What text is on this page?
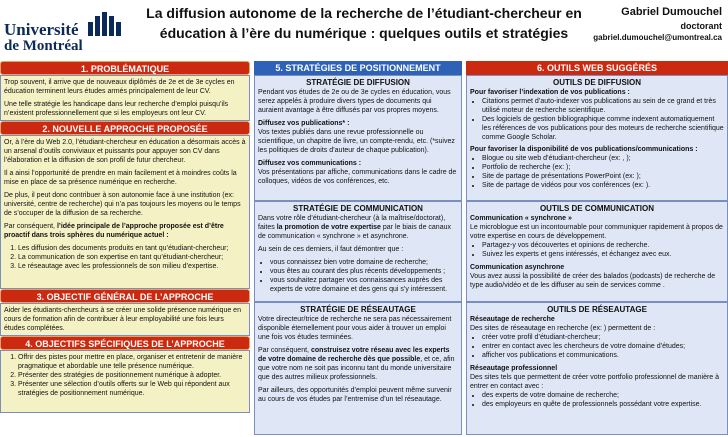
Université
de Montréal
La diffusion autonome de la recherche de l’étudiant-chercheur en
éducation à l’ère du numérique : quelques outils et stratégies
Gabriel Dumouchel
doctorant
gabriel.dumouchel@umontreal.ca
1. PROBLÉMATIQUE

Trop souvent, il arrive que de nouveaux diplômés de 2e et de 3e cycles en éducation terminent leurs études armés principalement de leur CV.

Une telle stratégie les handicape dans leur recherche d’emploi puisqu’ils n’existent professionnellement que si les employeurs ont leur CV.

2. NOUVELLE APPROCHE PROPOSÉE

Or, à l’ère du Web 2.0, l’étudiant-chercheur en éducation a désormais accès à un arsenal d’outils conviviaux et puissants pour appuyer son CV dans l’élaboration et la diffusion de son profil de futur chercheur.

Il a ainsi l’opportunité de prendre en main facilement et à moindres coûts la mise en place de sa présence numérique en recherche.

De plus, il peut donc contribuer à son autonomie face à une institution (ex: université, centre de recherche) qui n’a pas toujours les moyens ou le temps de s’occuper de la diffusion de sa recherche.

Par conséquent, l’idée principale de l’approche proposée est d’être proactif dans trois sphères du numérique actuel :

1. Les diffusion des documents produits en tant qu’étudiant-chercheur;
2. La communication de son expertise en tant qu’étudiant-chercheur;
3. Le réseautage avec les professionnels de son milieu d’expertise.
3. OBJECTIF GÉNÉRAL DE L’APPROCHE

Aider les étudiants-chercheurs à se créer une solide présence numérique en cours de formation afin de contribuer à leur employabilité une fois leurs études complétées.

4. OBJECTIFS SPÉCIFIQUES DE L’APPROCHE
1. Offrir des pistes pour mettre en place, organiser et entretenir de manière pragmatique et abordable une telle présence numérique.
2. Présenter des stratégies de positionnement numérique à adopter.
3. Présenter une sélection d’outils offerts sur le Web qui répondent aux stratégies de positionnement numérique.
5. STRATÉGIES DE POSITIONNEMENT
STRATÉGIE DE DIFFUSION

Pendant vos études de 2e ou de 3e cycles en éducation, vous serez appelés à produire divers types de documents qui auraient avantage à être diffusés par vos propres moyens.

Diffusez vos publications* :

Vos textes publiés dans une revue professionnelle ou scientifique, un chapitre de livre, un compte-rendu, etc. (*suivez les politiques de droits d’auteur de chaque publication).

Diffusez vos communications :

Vos présentations par affiche, communications dans le cadre de colloques, vidéos de vos conférences, etc.

STRATÉGIE DE COMMUNICATION

Dans votre rôle d’étudiant-chercheur (à la maîtrise/doctorat), faites la promotion de votre expertise par le biais de canaux de communication « synchrone » et asynchrone.

Au sein de ces derniers, il faut démontrer que :

• vous connaissez bien votre domaine de recherche;
• vous êtes au courant des plus récents développements ;
• vous souhaitez partager vos connaissances auprès des experts de votre domaine et des gens qui s’y intéressent.
STRATÉGIE DE RÉSEAUTAGE

Votre directeur/trice de recherche ne sera pas nécessairement disponible éternellement pour vous aider à trouver un emploi une fois vos études terminées.

Par conséquent, construisez votre réseau avec les experts de votre domaine de recherche dès que possible, et ce, afin que votre nom ne soit pas inconnu tant du monde universitaire que des autres milieux professionnels.

Par ailleurs, des opportunités d’emploi peuvent même survenir au cours de vos études par l’entremise d’un tel réseautage.

6. OUTILS WEB SUGGÉRÉS
OUTILS DE DIFFUSION
Pour favoriser l’indexation de vos publications :
• Citations permet d’auto-indexer vos publications au sein de ce grand et très utilisé moteur de recherche scientifique.
• Des logiciels de gestion bibliographique comme indexent automatiquement les références de vos publications pour des moteurs de recherche scientifique comme Google Scholar.
Pour favoriser la disponibilité de vos publications/communications :
• Blogue ou site web d’étudiant-chercheur (ex: , );
• Portfolio de recherche (ex: );
• Site de partage de présentations PowerPoint (ex: );
• Site de partage de vidéos pour vos conférences (ex: ).
OUTILS DE COMMUNICATION
Communication « synchrone »

Le microblogue est un incontournable pour communiquer rapidement à propos de votre expertise en cours de développement.

• Partagez-y vos découvertes et opinions de recherche.
• Suivez les experts et gens intéressés, et échangez avec eux.
Communication asynchrone

Vous avez aussi la possibilité de créer des balados (podcasts) de recherche de type audio/vidéo et de les diffuser au sein de services comme .

OUTILS DE RÉSEAUTAGE
Réseautage de recherche

Des sites de réseautage en recherche (ex: ) permettent de :

• créer votre profil d’étudiant-chercheur;
• entrer en contact avec les chercheurs de votre domaine d’études;
• afficher vos publications et communications.
Réseautage professionnel

Des sites tels que permettent de créer votre portfolio professionnel de manière à entrer en contact avec :

• des experts de votre domaine de recherche;
• des employeurs en quête de professionnels possédant votre expertise.
